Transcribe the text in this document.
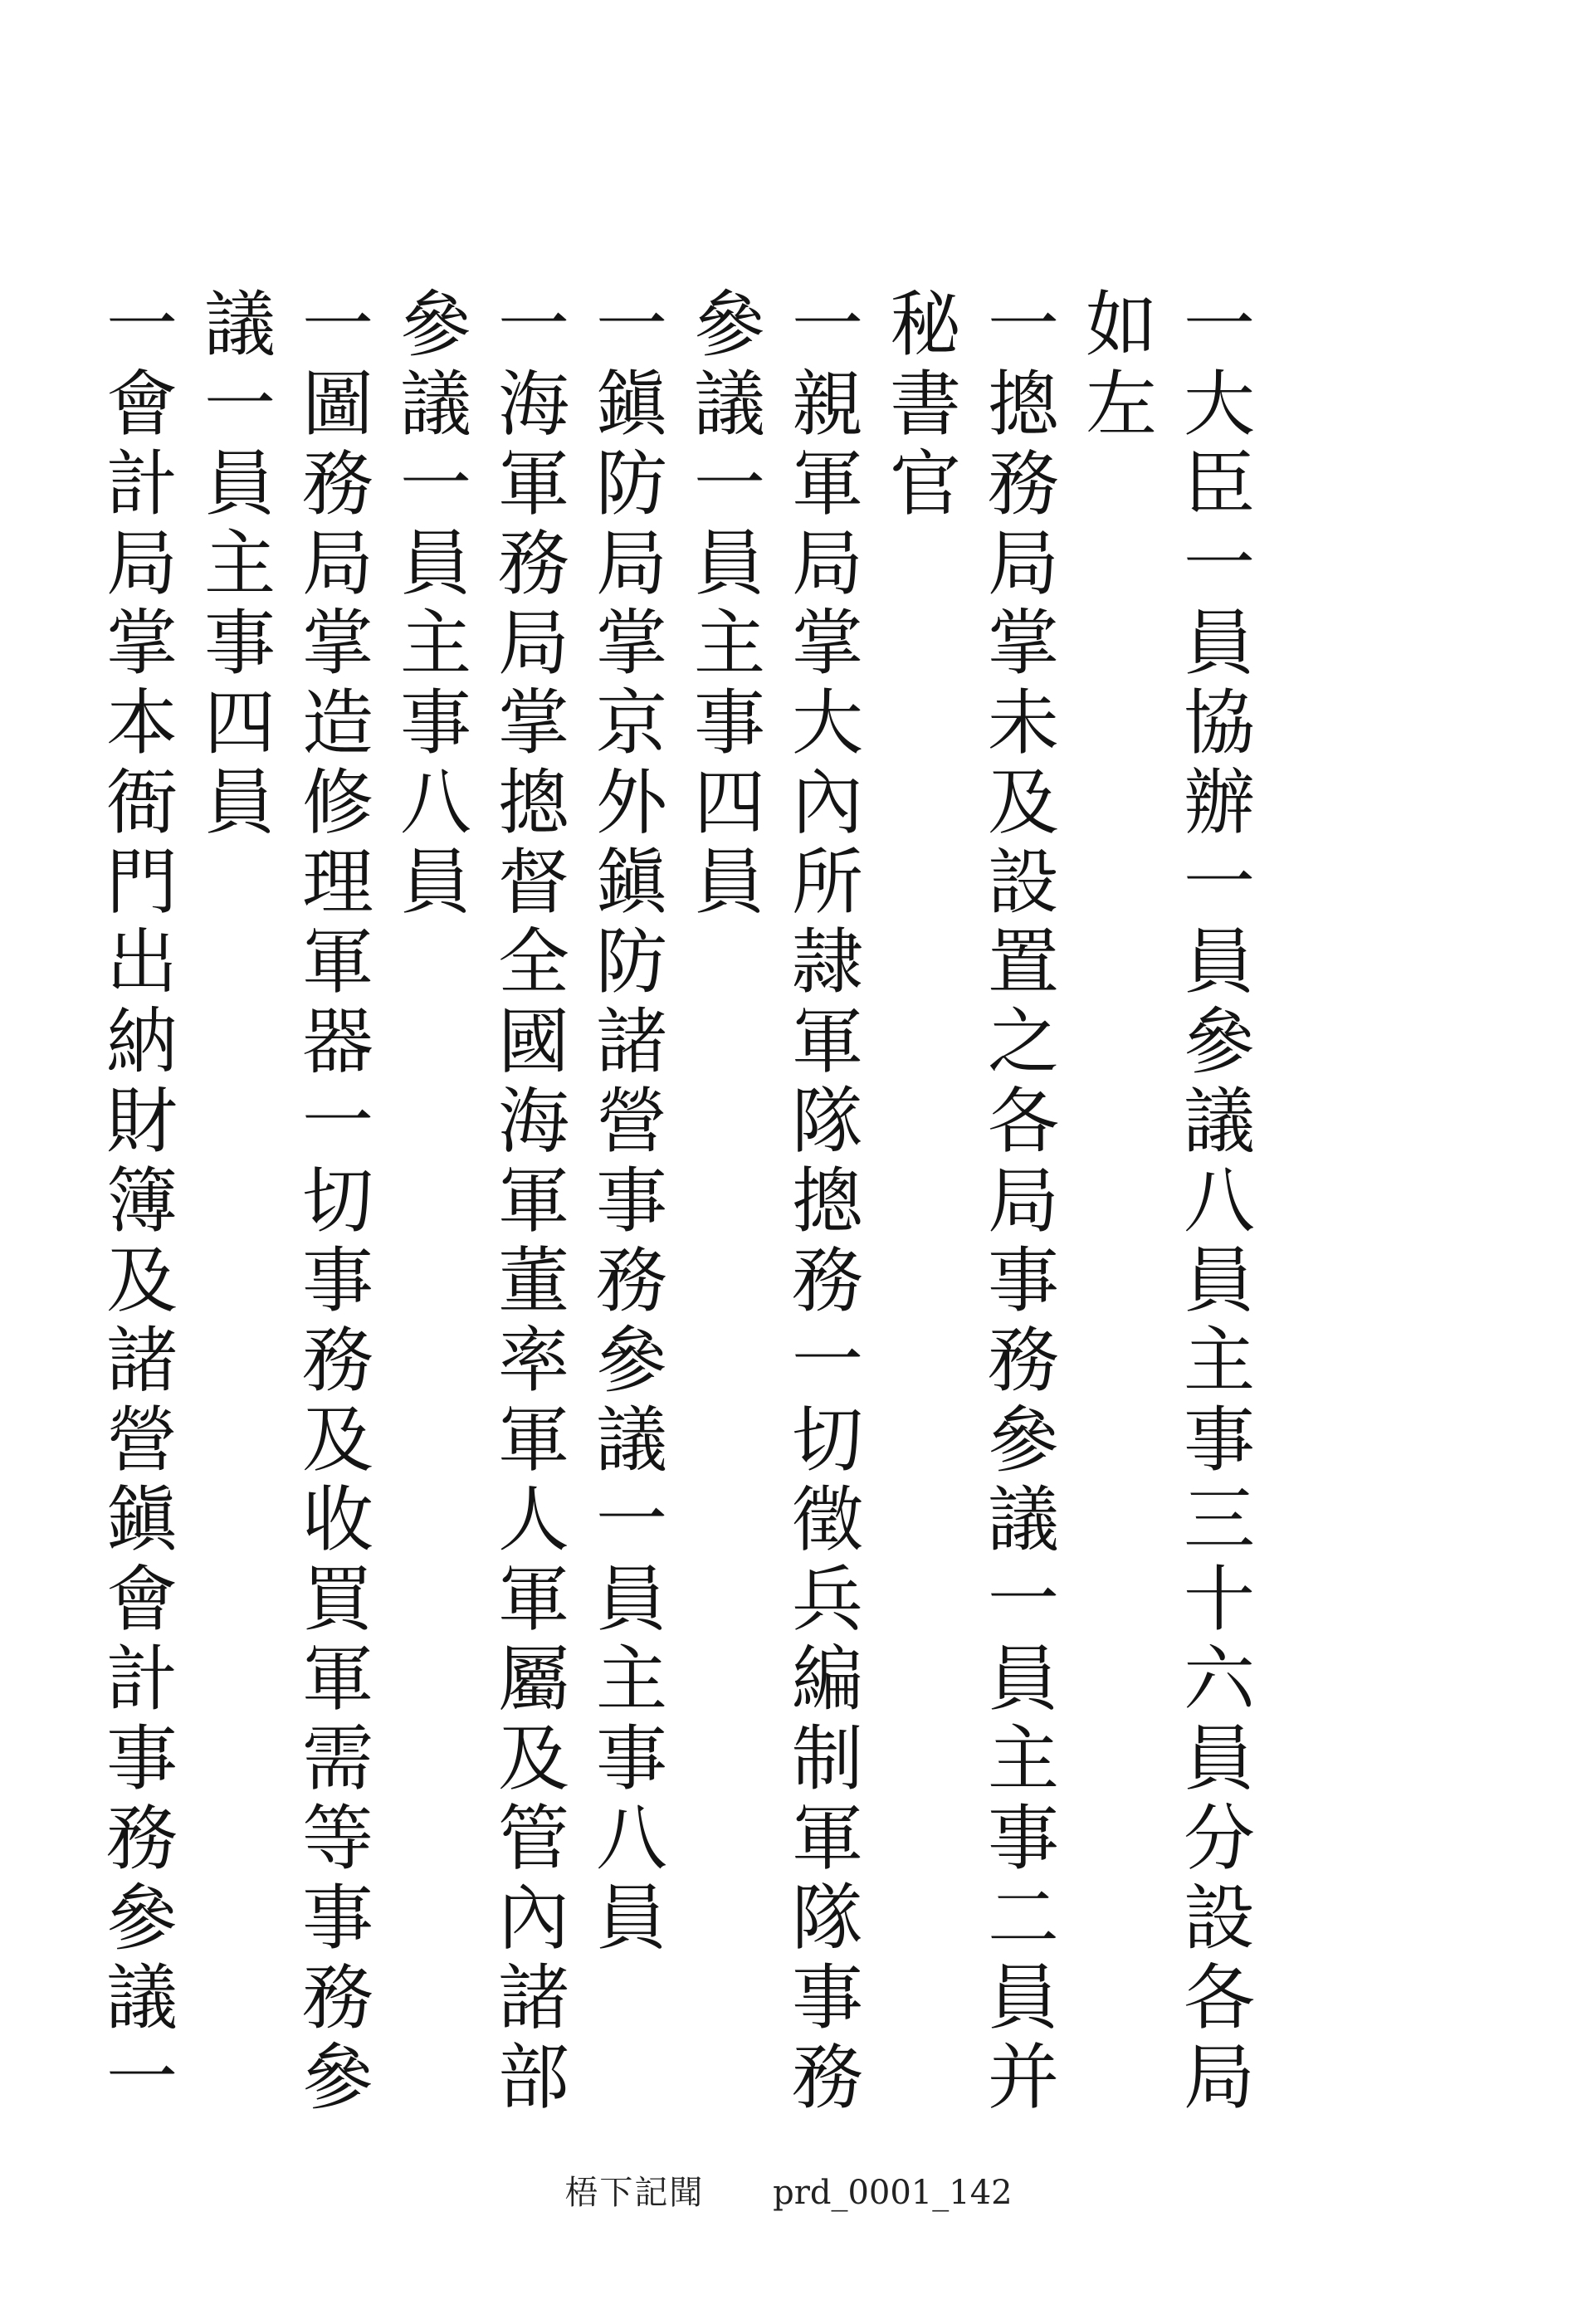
一大臣一員協辦一員參議八員主事三十六員分設各局
如左
一摠務局掌未及設置之各局事務參議一員主事二員并
秘書官
一親軍局掌大內所隷軍隊摠務一切徵兵編制軍隊事務
參議一員主事四員
一鎭防局掌京外鎭防諸營事務參議一員主事八員
一海軍務局掌摠督全國海軍董率軍人軍屬及管內諸部
參議一員主事八員
一圖務局掌造修理軍器一切事務及收買軍需等事務參
議一員主事四員
一會計局掌本衙門出納財簿及諸營鎭會計事務參議一
梧下記聞 prd_0001_142
